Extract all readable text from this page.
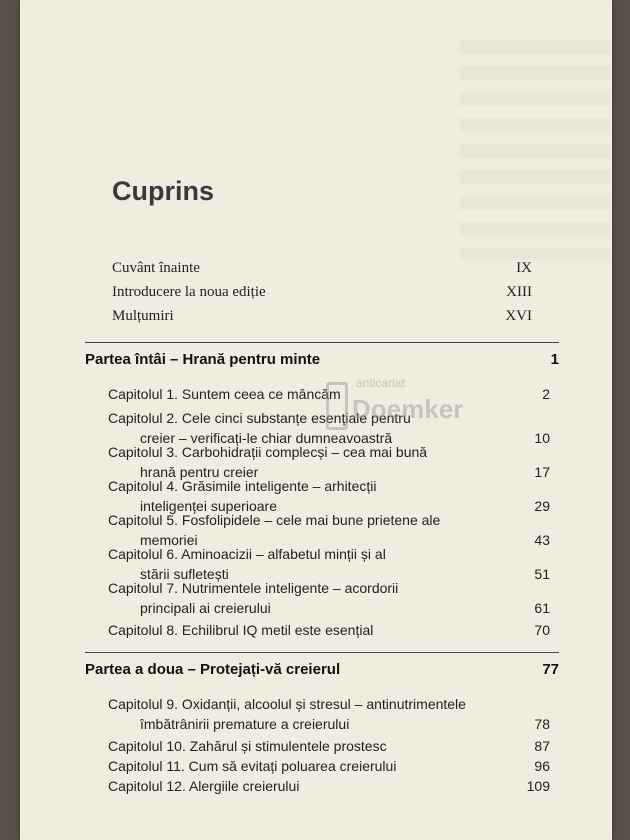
Cuprins
Cuvânt înainte	IX
Introducere la noua ediție	XIII
Mulțumiri	XVI
Partea întâi – Hrană pentru minte	1
Capitolul 1. Suntem ceea ce mâncăm	2
Capitolul 2. Cele cinci substanțe esențiale pentru
creier – verificați-le chiar dumneavoastră	10
Capitolul 3. Carbohidrații complecși – cea mai bună
hrană pentru creier	17
Capitolul 4. Grăsimile inteligente – arhitecții
inteligenței superioare	29
Capitolul 5. Fosfolipidele – cele mai bune prietene ale
memoriei	43
Capitolul 6. Aminoacizii – alfabetul minții și al
stării sufletești	51
Capitolul 7. Nutrimentele inteligente – acordorii
principali ai creierului	61
Capitolul 8. Echilibrul IQ metil este esențial	70
Partea a doua – Protejați-vă creierul	77
Capitolul 9. Oxidanții, alcoolul și stresul – antinutrimentele
îmbătrânirii premature a creierului	78
Capitolul 10. Zahărul și stimulentele prostesc	87
Capitolul 11. Cum să evitați poluarea creierului	96
Capitolul 12. Alergiile creierului	109
anticariat
Doemker
